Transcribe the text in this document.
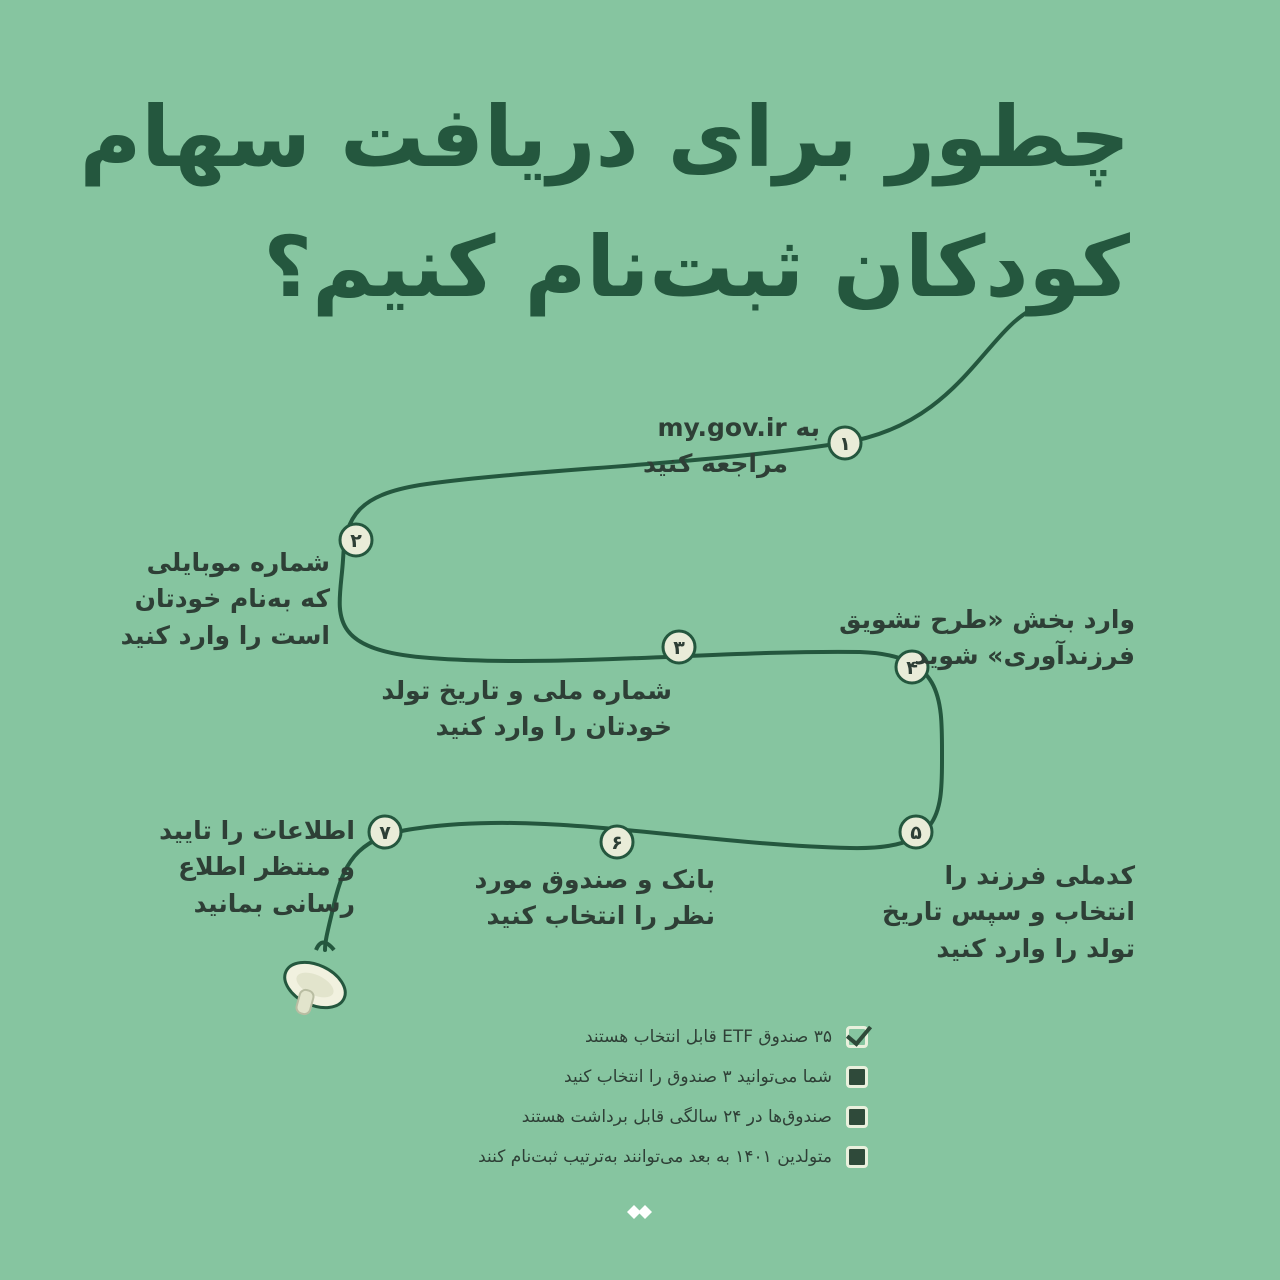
چطور برای دریافت سهام
کودکان ثبت‌نام کنیم؟
۱
۲
۳
۴
۵
۶
۷
به my.gov.ir
مراجعه کنید
شماره موبایلی
که به‌نام خودتان
است را وارد کنید
شماره ملی و تاریخ تولد
خودتان را وارد کنید
وارد بخش «طرح تشویق
فرزندآوری» شوید
کدملی فرزند را
انتخاب و سپس تاریخ
تولد را وارد کنید
بانک و صندوق مورد
نظر را انتخاب کنید
اطلاعات را تایید
و منتظر اطلاع
رسانی بمانید
۳۵ صندوق ETF قابل انتخاب هستند
شما می‌توانید ۳ صندوق را انتخاب کنید
صندوق‌ها در ۲۴ سالگی قابل برداشت هستند
متولدین ۱۴۰۱ به بعد می‌توانند به‌ترتیب ثبت‌نام کنند
